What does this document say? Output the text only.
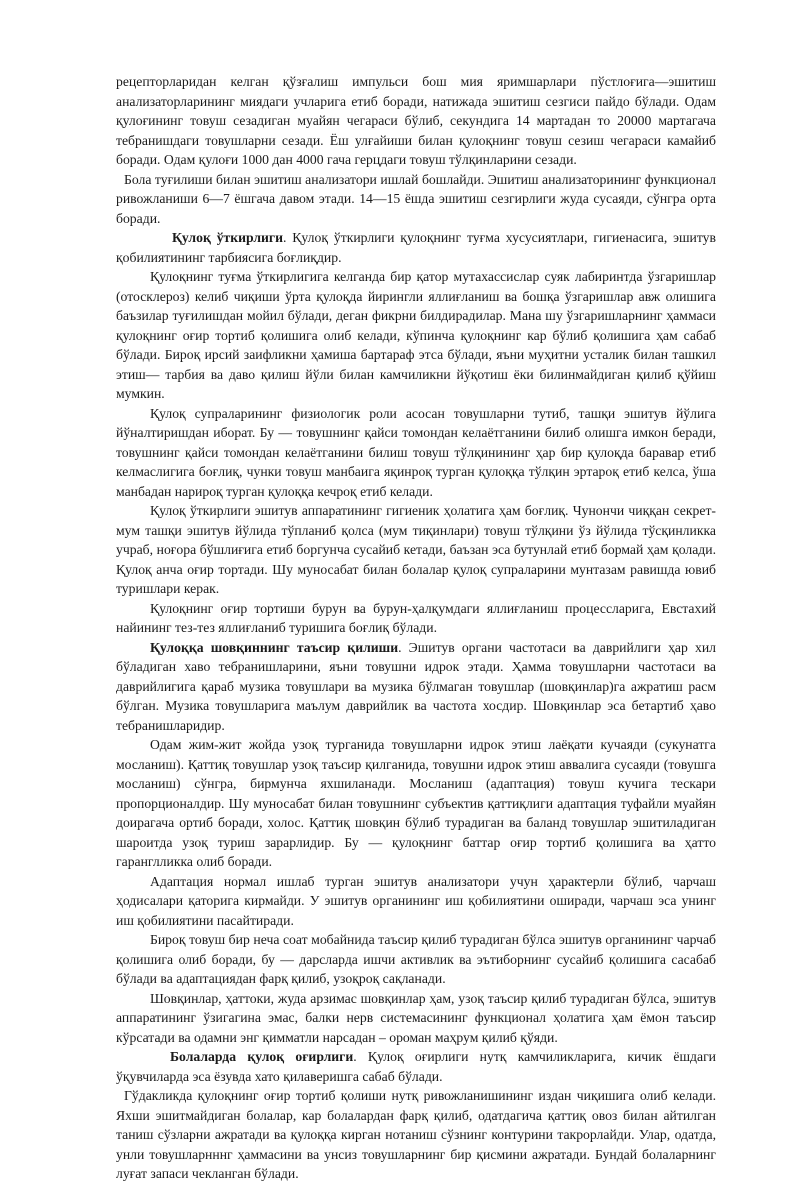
рецепторларидан келган қўзғалиш импульси бош мия яримшарлари пўстлоғига—эшитиш анализаторларининг миядаги учларига етиб боради, натижада эшитиш сезгиси пайдо бўлади. Одам қулоғининг товуш сезадиган муайян чегараси бўлиб, секундига 14 мартадан то 20000 мартагача тебранишдаги товушларни сезади. Ёш улғайиши билан қулоқнинг товуш сезиш чегараси камайиб боради. Одам қулоғи 1000 дан 4000 гача герцдаги товуш тўлқинларини сезади.

Бола туғилиши билан эшитиш анализатори ишлай бошлайди. Эшитиш анализаторининг функционал ривожланиши 6—7 ёшгача давом этади. 14—15 ёшда эшитиш сезгирлиги жуда сусаяди, сўнгра орта боради.

Қулоқ ўткирлиги. Қулоқ ўткирлиги қулоқнинг туғма хусусиятлари, гигиенасига, эшитув қобилиятининг тарбиясига боғлиқдир.

Қулоқнинг туғма ўткирлигига келганда бир қатор мутахассислар суяк лабиринтда ўзгаришлар (отосклероз) келиб чиқиши ўрта қулоқда йирингли яллиғланиш ва бошқа ўзгаришлар авж олишига баъзилар туғилишдан мойил бўлади, деган фикрни билдирадилар. Мана шу ўзгаришларнинг ҳаммаси қулоқнинг оғир тортиб қолишига олиб келади, кўпинча қулоқнинг кар бўлиб қолишига ҳам сабаб бўлади. Бироқ ирсий заифликни ҳамиша бартараф этса бўлади, яъни муҳитни усталик билан ташкил этиш— тарбия ва даво қилиш йўли билан камчиликни йўқотиш ёки билинмайдиган қилиб қўйиш мумкин.

Қулоқ супраларининг физиологик роли асосан товушларни тутиб, ташқи эшитув йўлига йўналтиришдан иборат. Бу — товушнинг қайси томондан келаётганини билиб олишга имкон беради, товушнинг қайси томондан келаётганини билиш товуш тўлқинининг ҳар бир қулоқда баравар етиб келмаслигига боғлиқ, чунки товуш манбаига яқинроқ турган қулоққа тўлқин эртароқ етиб келса, ўша манбадан нарироқ турган қулоққа кечроқ етиб келади.

Қулоқ ўткирлиги эшитув аппаратининг гигиеник ҳолатига ҳам боғлиқ. Чунончи чиққан секрет-мум ташқи эшитув йўлида тўпланиб қолса (мум тиқинлари) товуш тўлқини ўз йўлида тўсқинликка учраб, ноғора бўшлиғига етиб боргунча сусайиб кетади, баъзан эса бутунлай етиб бормай ҳам қолади. Қулоқ анча оғир тортади. Шу муносабат билан болалар қулоқ супраларини мунтазам равишда ювиб туришлари керак.

Қулоқнинг оғир тортиши бурун ва бурун-ҳалқумдаги яллиғланиш процессларига, Евстахий найининг тез-тез яллиғланиб туришига боғлиқ бўлади.

Қулоққа шовқиннинг таъсир қилиши. Эшитув органи частотаси ва даврийлиги ҳар хил бўладиган хаво тебранишларини, яъни товушни идрок этади. Ҳамма товушларни частотаси ва даврийлигига қараб музика товушлари ва музика бўлмаган товушлар (шовқинлар)га ажратиш расм бўлган. Музика товушларига маълум даврийлик ва частота хосдир. Шовқинлар эса бетартиб ҳаво тебранишларидир.

Одам жим-жит жойда узоқ турганида товушларни идрок этиш лаёқати кучаяди (сукунатга мосланиш). Қаттиқ товушлар узоқ таъсир қилганида, товушни идрок этиш аввалига сусаяди (товушга мосланиш) сўнгра, бирмунча яхшиланади. Мосланиш (адаптация) товуш кучига тескари пропорционалдир. Шу муносабат билан товушнинг субъектив қаттиқлиги адаптация туфайли муайян доирагача ортиб боради, холос. Қаттиқ шовқин бўлиб турадиган ва баланд товушлар эшитиладиган шароитда узоқ туриш зарарлидир. Бу — қулоқнинг баттар оғир тортиб қолишига ва ҳатто гаранглликка олиб боради.

Адаптация нормал ишлаб турган эшитув анализатори учун ҳарактерли бўлиб, чарчаш ҳодисалари қаторига кирмайди. У эшитув органининг иш қобилиятини оширади, чарчаш эса унинг иш қобилиятини пасайтиради.

Бироқ товуш бир неча соат мобайнида таъсир қилиб турадиган бўлса эшитув органининг чарчаб қолишига олиб боради, бу — дарсларда ишчи активлик ва эътиборнинг сусайиб қолишига сасабаб бўлади ва адаптациядан фарқ қилиб, узоқроқ сақланади.

Шовқинлар, ҳаттоки, жуда арзимас шовқинлар ҳам, узоқ таъсир қилиб турадиган бўлса, эшитув аппаратининг ўзигагина эмас, балки нерв системасининг функционал ҳолатига ҳам ёмон таъсир кўрсатади ва одамни энг қимматли нарсадан – ороман маҳрум қилиб қўяди.

Болаларда қулоқ оғирлиги. Қулоқ оғирлиги нутқ камчиликларига, кичик ёшдаги ўқувчиларда эса ёзувда хато қилаверишга сабаб бўлади.

Гўдакликда қулоқнинг оғир тортиб қолиши нутқ ривожланишининг издан чиқишига олиб келади. Яхши эшитмайдиган болалар, кар болалардан фарқ қилиб, одатдагича қаттиқ овоз билан айтилган таниш сўзларни ажратади ва қулоққа кирган нотаниш сўзнинг контурини такрорлайди. Улар, одатда, унли товушларнннг ҳаммасини ва унсиз товушларнинг бир қисмини ажратади. Бундай болаларнинг луғат запаси чекланган бўлади.
